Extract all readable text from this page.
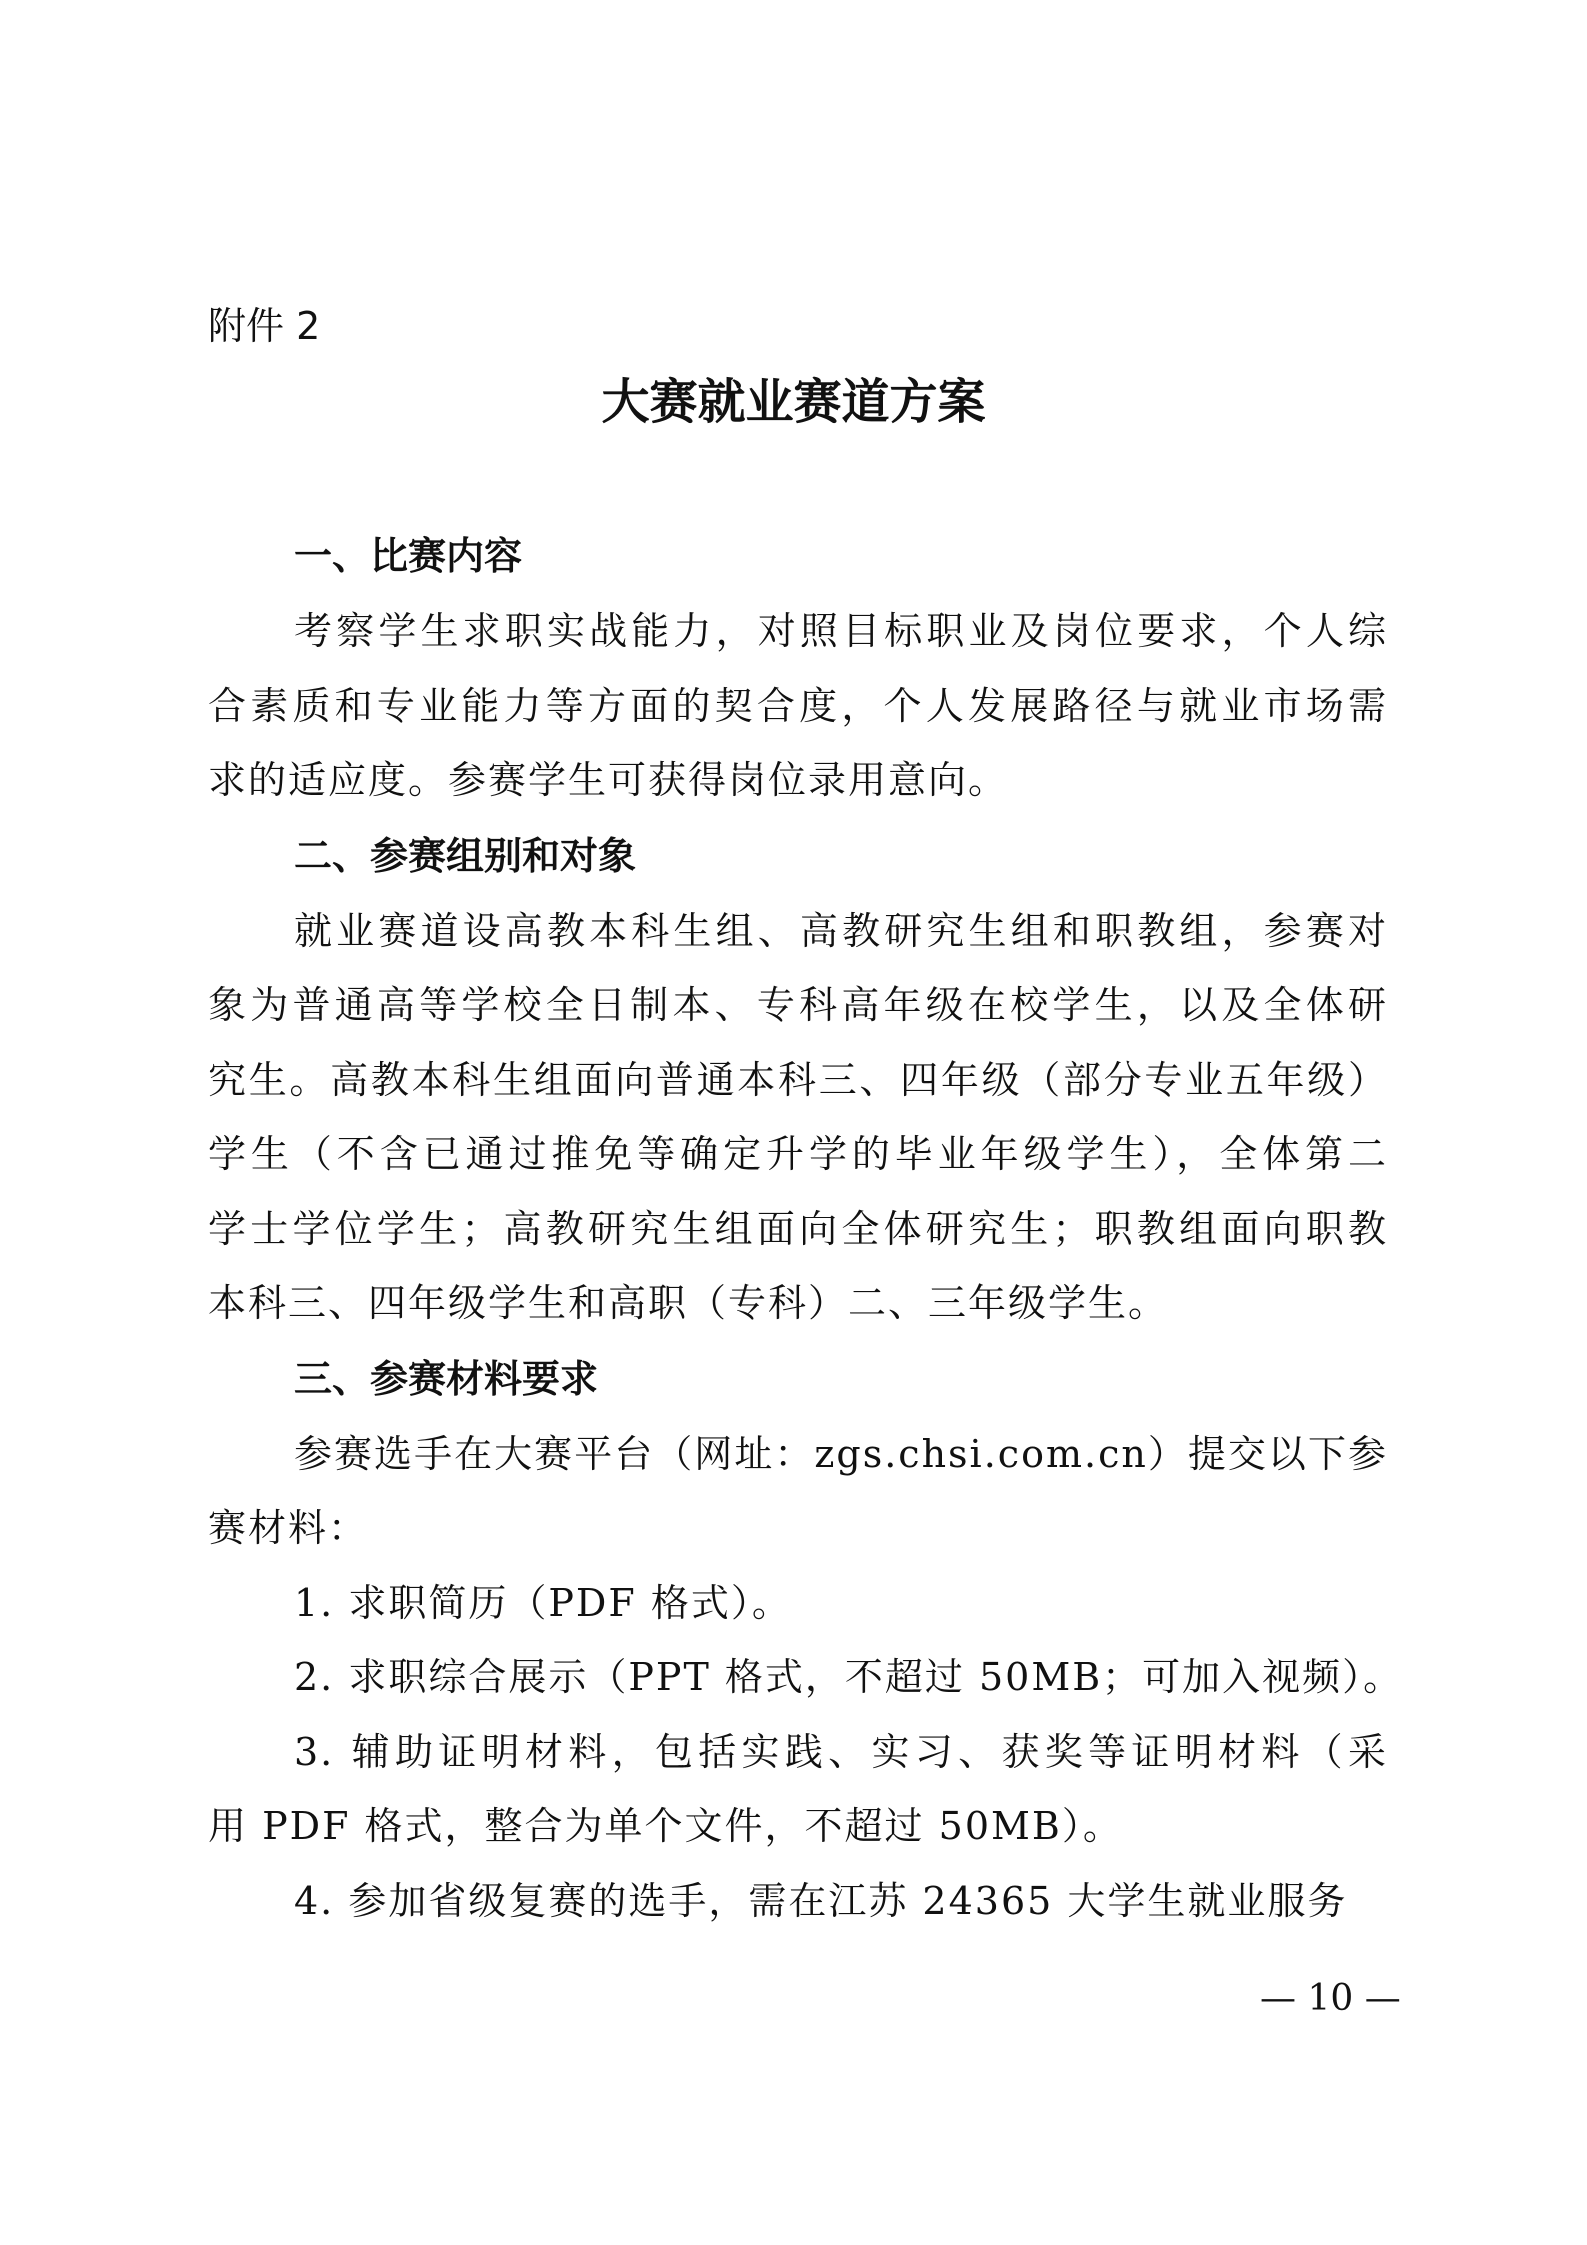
附件 2
大赛就业赛道方案
一、比赛内容
考察学生求职实战能力，对照目标职业及岗位要求，个人综
合素质和专业能力等方面的契合度，个人发展路径与就业市场需
求的适应度。参赛学生可获得岗位录用意向。
二、参赛组别和对象
就业赛道设高教本科生组、高教研究生组和职教组，参赛对
象为普通高等学校全日制本、专科高年级在校学生，以及全体研
究生。高教本科生组面向普通本科三、四年级（部分专业五年级）
学生（不含已通过推免等确定升学的毕业年级学生），全体第二
学士学位学生；高教研究生组面向全体研究生；职教组面向职教
本科三、四年级学生和高职（专科）二、三年级学生。
三、参赛材料要求
参赛选手在大赛平台（网址：zgs.chsi.com.cn）提交以下参
赛材料：
1. 求职简历（PDF 格式）。
2. 求职综合展示（PPT 格式，不超过 50MB；可加入视频）。
3. 辅助证明材料，包括实践、实习、获奖等证明材料（采
用 PDF 格式，整合为单个文件，不超过 50MB）。
4. 参加省级复赛的选手，需在江苏 24365 大学生就业服务
— 10 —
